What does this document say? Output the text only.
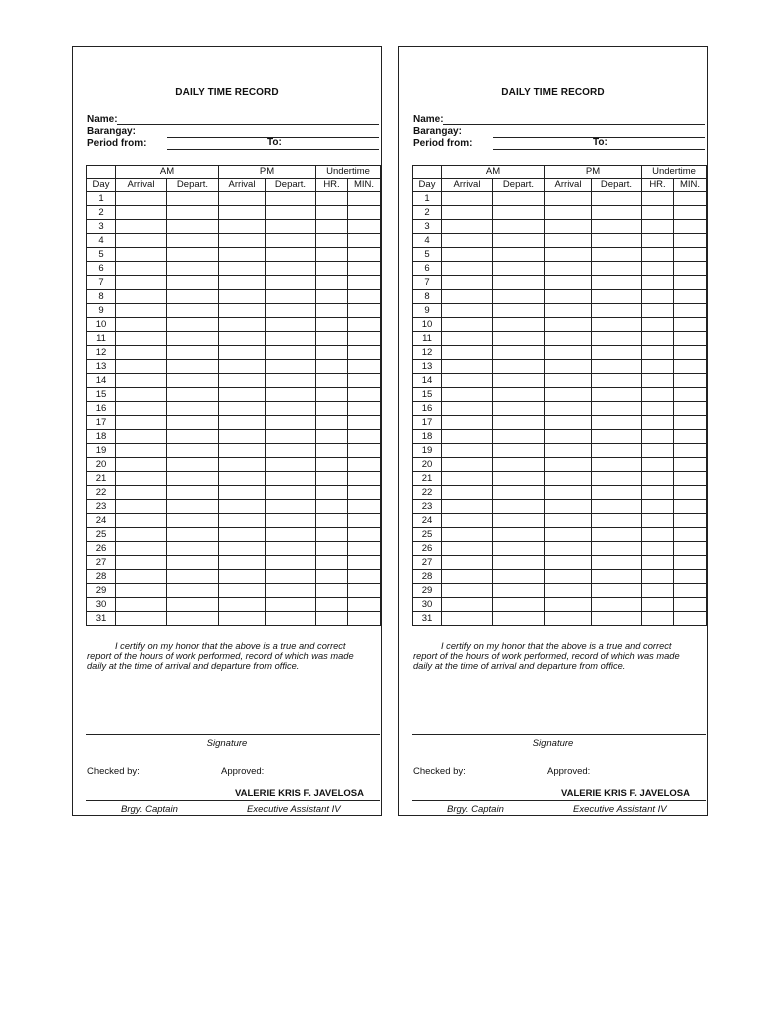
DAILY TIME RECORD
Name:
Barangay:
Period from:	To:
	AM		PM		Undertime	
Day	Arrival	Depart.	Arrival	Depart.	HR.	MIN.
1						
2						
3						
4						
5						
6						
7						
8						
9						
10						
11						
12						
13						
14						
15						
16						
17						
18						
19						
20						
21						
22						
23						
24						
25						
26						
27						
28						
29						
30						
31						
I certify on my honor that the above is a true and correct report of the hours of work performed, record of which was made daily at the time of arrival and departure from office.
Signature
Checked by:	Approved:
VALERIE KRIS F. JAVELOSA
Brgy. Captain	Executive Assistant IV
DAILY TIME RECORD
Name:
Barangay:
Period from:	To:
	AM		PM		Undertime	
Day	Arrival	Depart.	Arrival	Depart.	HR.	MIN.
1						
2						
3						
4						
5						
6						
7						
8						
9						
10						
11						
12						
13						
14						
15						
16						
17						
18						
19						
20						
21						
22						
23						
24						
25						
26						
27						
28						
29						
30						
31						
I certify on my honor that the above is a true and correct report of the hours of work performed, record of which was made daily at the time of arrival and departure from office.
Signature
Checked by:	Approved:
VALERIE KRIS F. JAVELOSA
Brgy. Captain	Executive Assistant IV
